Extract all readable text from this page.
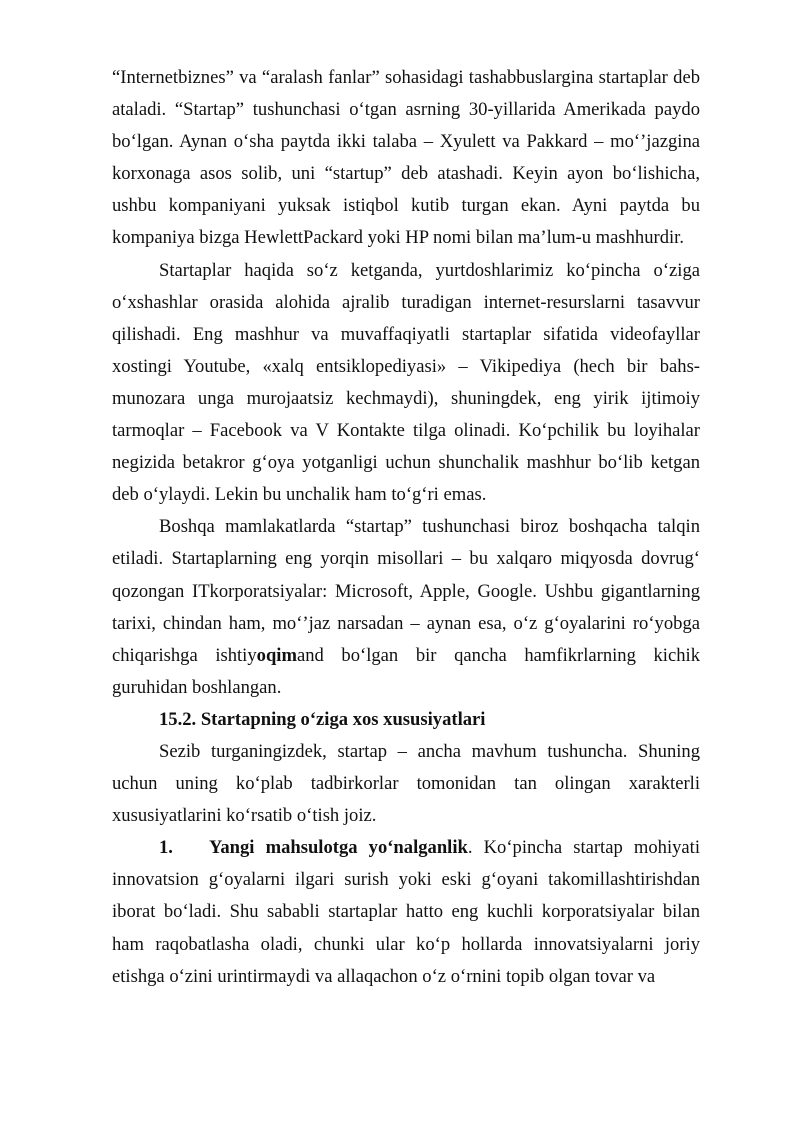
“Internetbiznes” va “aralash fanlar” sohasidagi tashabbuslargina startaplar deb ataladi. “Startap” tushunchasi o‘tgan asrning 30-yillarida Amerikada paydo bo‘lgan. Aynan o‘sha paytda ikki talaba – Xyulett va Pakkard – mo‘’jazgina korxonaga asos solib, uni “startup” deb atashadi. Keyin ayon bo‘lishicha, ushbu kompaniyani yuksak istiqbol kutib turgan ekan. Ayni paytda bu kompaniya bizga HewlettPackard yoki HP nomi bilan ma’lum-u mashhurdir.

Startaplar haqida so‘z ketganda, yurtdoshlarimiz ko‘pincha o‘ziga o‘xshashlar orasida alohida ajralib turadigan internet-resurslarni tasavvur qilishadi. Eng mashhur va muvaffaqiyatli startaplar sifatida videofayllar xostingi Youtube, «xalq entsiklopediyasi» – Vikipediya (hech bir bahs-munozara unga murojaatsiz kechmaydi), shuningdek, eng yirik ijtimoiy tarmoqlar – Facebook va V Kontakte tilga olinadi. Ko‘pchilik bu loyihalar negizida betakror g‘oya yotganligi uchun shunchalik mashhur bo‘lib ketgan deb o‘ylaydi. Lekin bu unchalik ham to‘g‘ri emas.

Boshqa mamlakatlarda “startap” tushunchasi biroz boshqacha talqin etiladi. Startaplarning eng yorqin misollari – bu xalqaro miqyosda dovrug‘ qozongan ITkorporatsiyalar: Microsoft, Apple, Google. Ushbu gigantlarning tarixi, chindan ham, mo‘’jaz narsadan – aynan esa, o‘z g‘oyalarini ro‘yobga chiqarishga ishtiyoqimand bo‘lgan bir qancha hamfikrlarning kichik guruhidan boshlangan.

15.2. Startapning o‘ziga xos xususiyatlari

Sezib turganingizdek, startap – ancha mavhum tushuncha. Shuning uchun uning ko‘plab tadbirkorlar tomonidan tan olingan xarakterli xususiyatlarini ko‘rsatib o‘tish joiz.

1. Yangi mahsulotga yo‘nalganlik. Ko‘pincha startap mohiyati innovatsion g‘oyalarni ilgari surish yoki eski g‘oyani takomillashtirishdan iborat bo‘ladi. Shu sababli startaplar hatto eng kuchli korporatsiyalar bilan ham raqobatlasha oladi, chunki ular ko‘p hollarda innovatsiyalarni joriy etishga o‘zini urintirmaydi va allaqachon o‘z o‘rnini topib olgan tovar va
